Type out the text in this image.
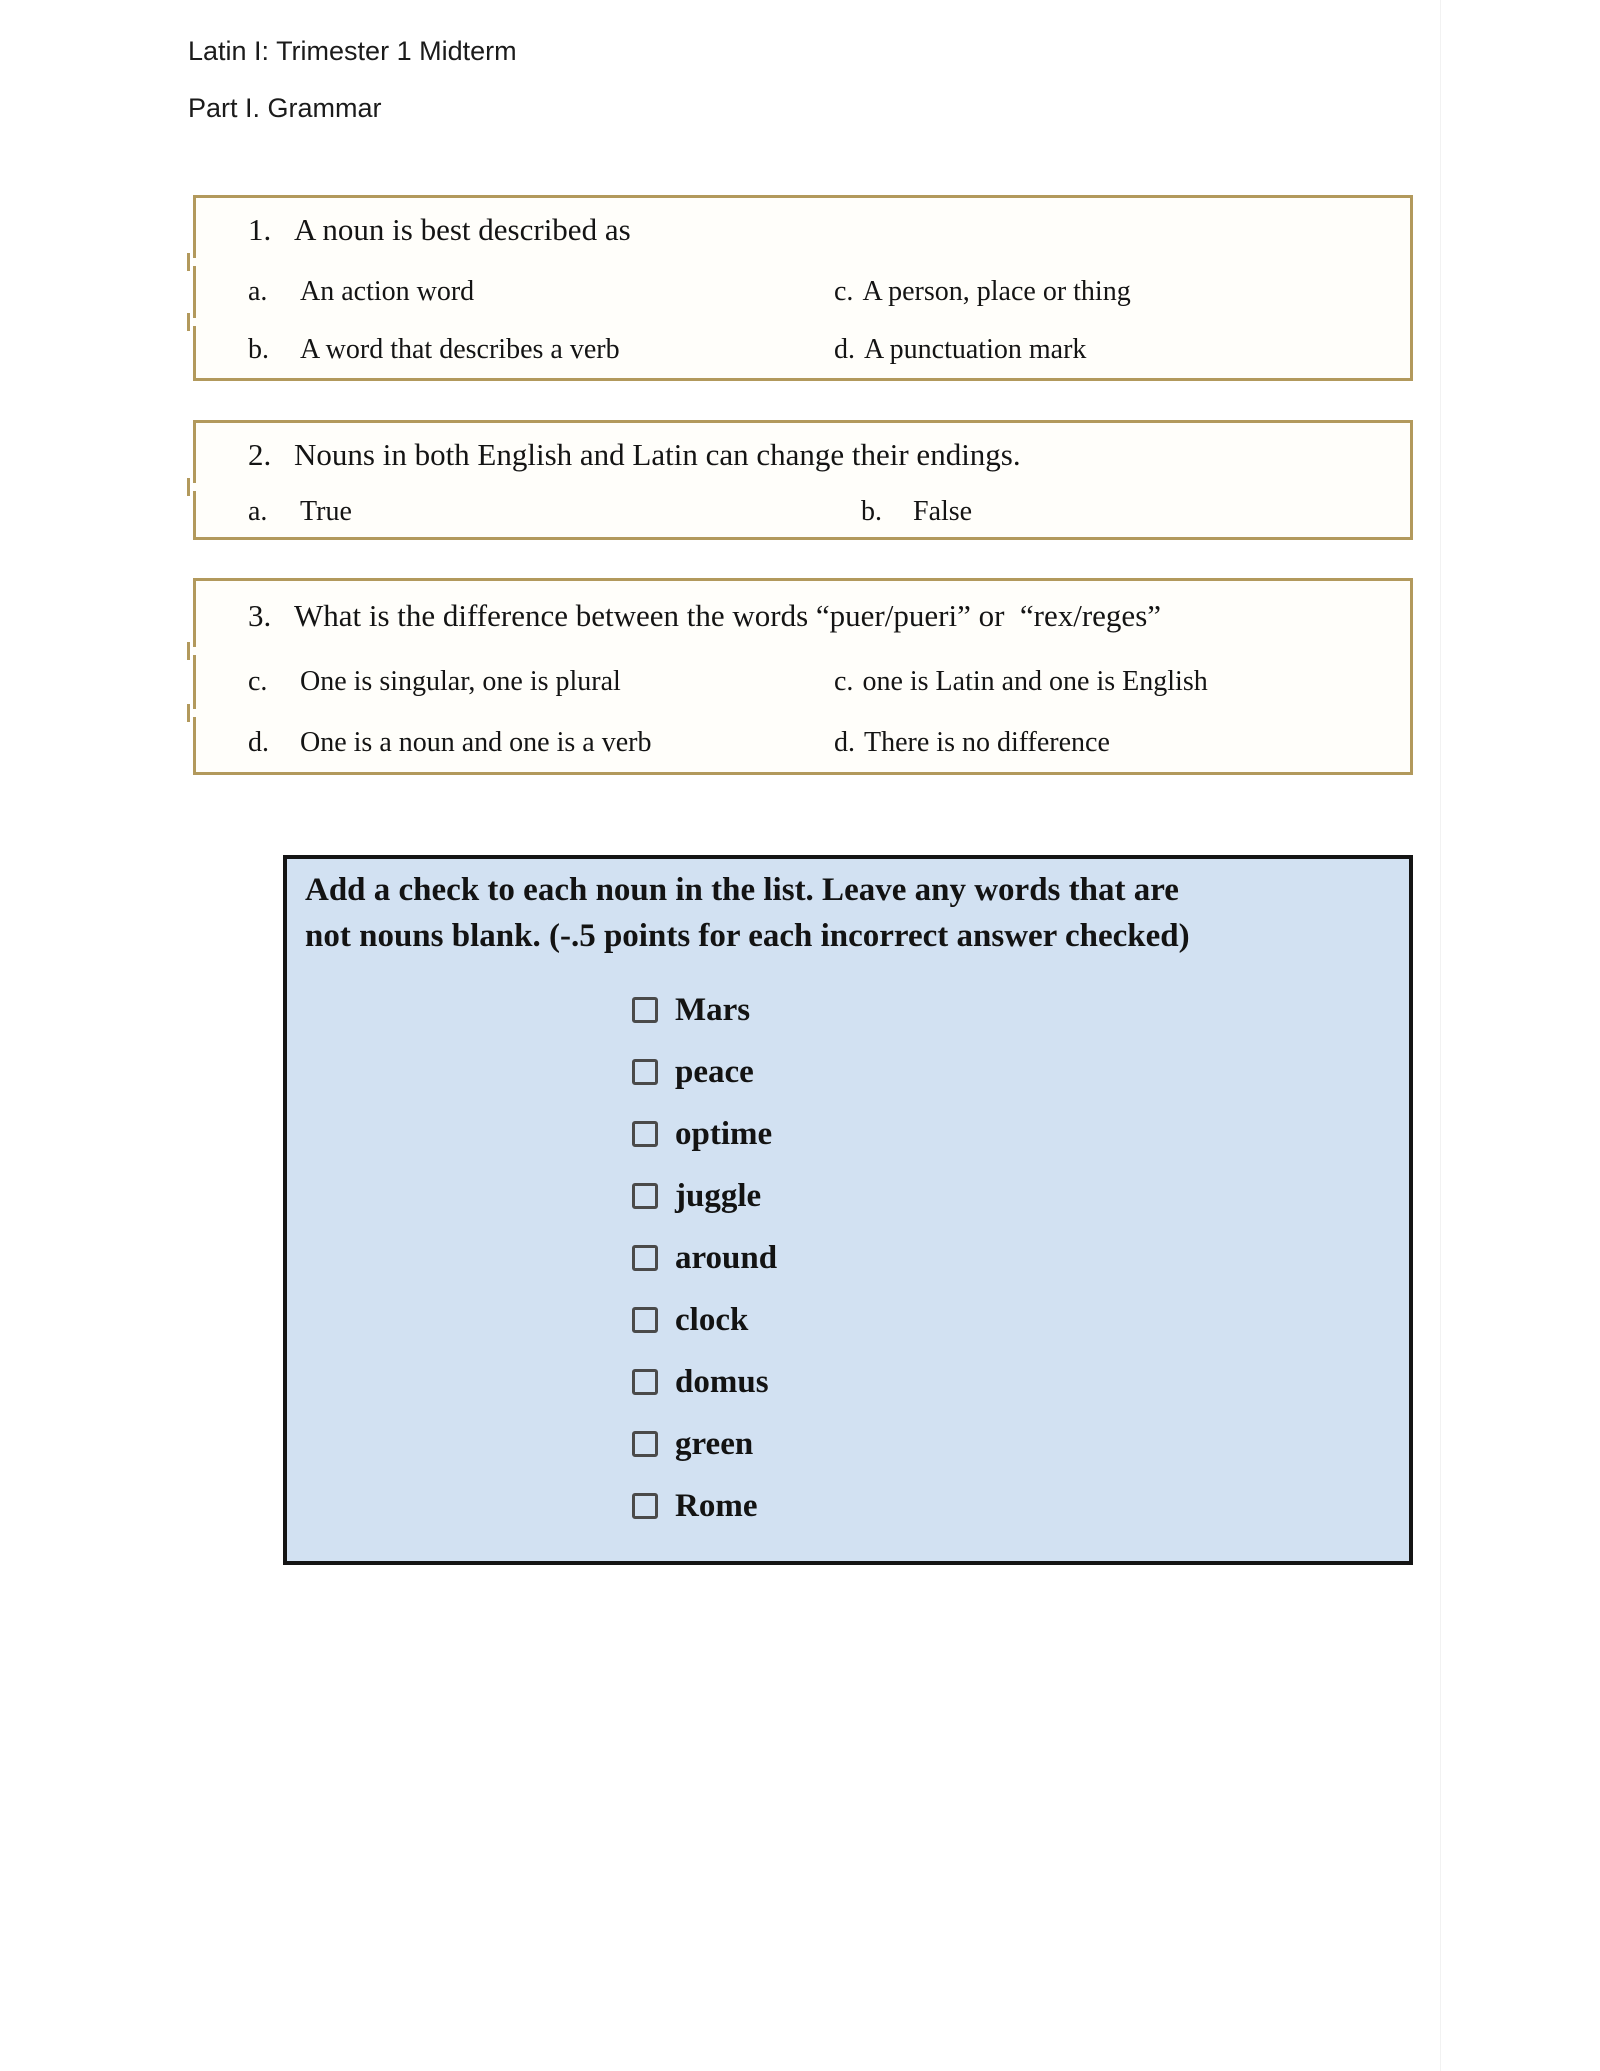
Latin I: Trimester 1 Midterm
Part I. Grammar
1. A noun is best described as
a. An action word	c. A person, place or thing
b. A word that describes a verb	d. A punctuation mark
2. Nouns in both English and Latin can change their endings.
a. True	b. False
3. What is the difference between the words “puer/pueri” or  “rex/reges”
c. One is singular, one is plural	c. one is Latin and one is English
d. One is a noun and one is a verb	d. There is no difference

Add a check to each noun in the list. Leave any words that are
not nouns blank. (-.5 points for each incorrect answer checked)

Mars
peace
optime
juggle
around
clock
domus
green
Rome
